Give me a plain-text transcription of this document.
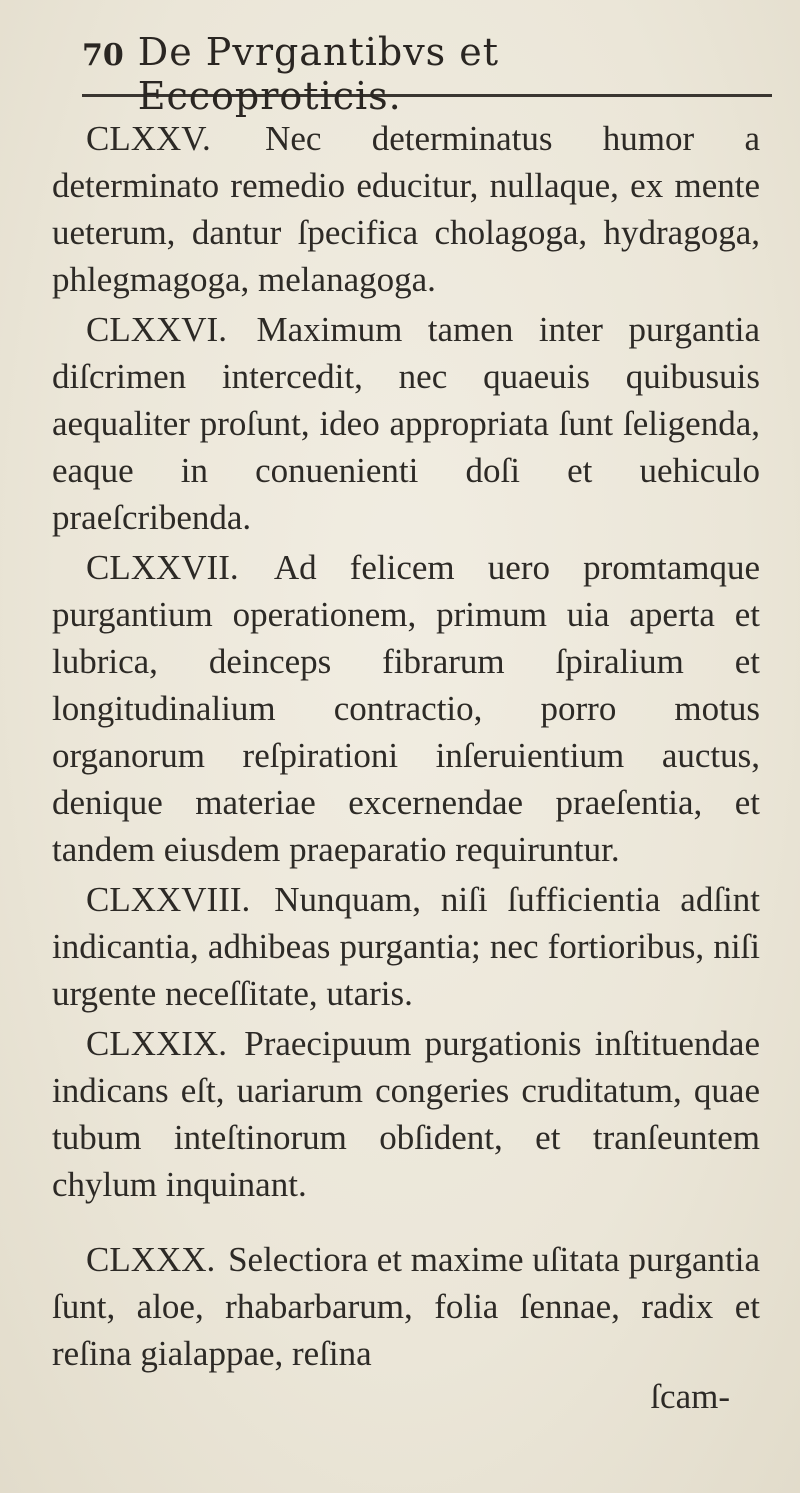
70 De Pvrgantibvs et Eccoproticis.

CLXXV. Nec determinatus humor a determinato remedio educitur, nullaque, ex mente ueterum, dantur ſpecifica cholagoga, hydragoga, phlegmagoga, melanagoga.

CLXXVI. Maximum tamen inter purgantia diſcrimen intercedit, nec quaeuis quibusuis aequaliter proſunt, ideo appropriata ſunt ſeligenda, eaque in conuenienti doſi et uehiculo praeſcribenda.

CLXXVII. Ad felicem uero promtamque purgantium operationem, primum uia aperta et lubrica, deinceps fibrarum ſpiralium et longitudinalium contractio, porro motus organorum reſpirationi inſeruientium auctus, denique materiae excernendae praeſentia, et tandem eiusdem praeparatio requiruntur.

CLXXVIII. Nunquam, niſi ſufficientia adſint indicantia, adhibeas purgantia; nec fortioribus, niſi urgente neceſſitate, utaris.

CLXXIX. Praecipuum purgationis inſtituendae indicans eſt, uariarum congeries cruditatum, quae tubum inteſtinorum obſident, et tranſeuntem chylum inquinant.

CLXXX. Selectiora et maxime uſitata purgantia ſunt, aloe, rhabarbarum, folia ſennae, radix et reſina gialappae, reſina

ſcam-
